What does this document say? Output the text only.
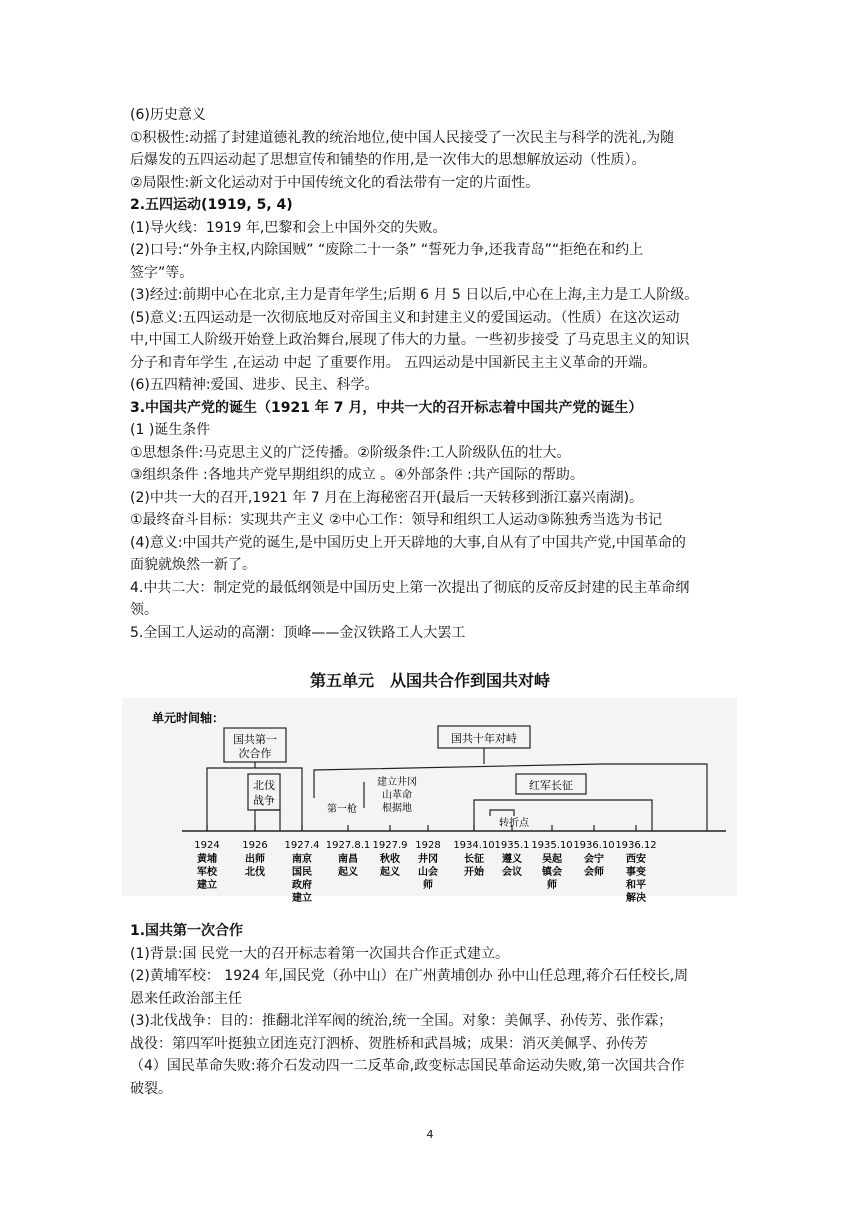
(6)历史意义
①积极性:动摇了封建道德礼教的统治地位,使中国人民接受了一次民主与科学的洗礼,为随
后爆发的五四运动起了思想宣传和铺垫的作用,是一次伟大的思想解放运动（性质）。
②局限性:新文化运动对于中国传统文化的看法带有一定的片面性。
2.五四运动(1919, 5, 4)
(1)导火线：1919 年,巴黎和会上中国外交的失败。
(2)口号:“外争主权,内除国贼” “废除二十一条” “誓死力争,还我青岛”“拒绝在和约上
签字”等。
(3)经过:前期中心在北京,主力是青年学生;后期 6 月 5 日以后,中心在上海,主力是工人阶级。
(5)意义:五四运动是一次彻底地反对帝国主义和封建主义的爱国运动。（性质）在这次运动
中,中国工人阶级开始登上政治舞台,展现了伟大的力量。一些初步接受 了马克思主义的知识
分子和青年学生 ,在运动 中起 了重要作用。 五四运动是中国新民主主义革命的开端。
(6)五四精神:爱国、进步、民主、科学。
3.中国共产党的诞生（1921 年 7 月，中共一大的召开标志着中国共产党的诞生）
(1 )诞生条件
①思想条件:马克思主义的广泛传播。②阶级条件:工人阶级队伍的壮大。
③组织条件 :各地共产党早期组织的成立 。④外部条件 :共产国际的帮助。
(2)中共一大的召开,1921 年 7 月在上海秘密召开(最后一天转移到浙江嘉兴南湖)。
①最终奋斗目标：实现共产主义 ②中心工作：领导和组织工人运动③陈独秀当选为书记
(4)意义:中国共产党的诞生,是中国历史上开天辟地的大事,自从有了中国共产党,中国革命的
面貌就焕然一新了。
4.中共二大：制定党的最低纲领是中国历史上第一次提出了彻底的反帝反封建的民主革命纲
领。
5.全国工人运动的高潮：顶峰——金汉铁路工人大罢工
第五单元　从国共合作到国共对峙
单元时间轴：
国共第一
次合作
北伐
战争
国共十年对峙
红军长征
建立井冈
山革命
根据地
第一枪
转折点
1924
黄埔
军校
建立
1926
出师
北伐
1927.4
南京
国民
政府
建立
1927.8.1
南昌
起义
1927.9
秋收
起义
1928
井冈
山会
师
1934.10
长征
开始
1935.1
遵义
会议
1935.10
吴起
镇会
师
1936.10
会宁
会师
1936.12
西安
事变
和平
解决
1.国共第一次合作
(1)背景:国 民党一大的召开标志着第一次国共合作正式建立。
(2)黄埔军校： 1924 年,国民党（孙中山）在广州黄埔创办 孙中山任总理,蒋介石任校长,周
恩来任政治部主任
(3)北伐战争：目的：推翻北洋军阀的统治,统一全国。对象：美佩孚、孙传芳、张作霖；
战役：第四军叶挺独立团连克汀泗桥、贺胜桥和武昌城；成果：消灭美佩孚、孙传芳
（4）国民革命失败:蒋介石发动四一二反革命,政变标志国民革命运动失败,第一次国共合作
破裂。
4
